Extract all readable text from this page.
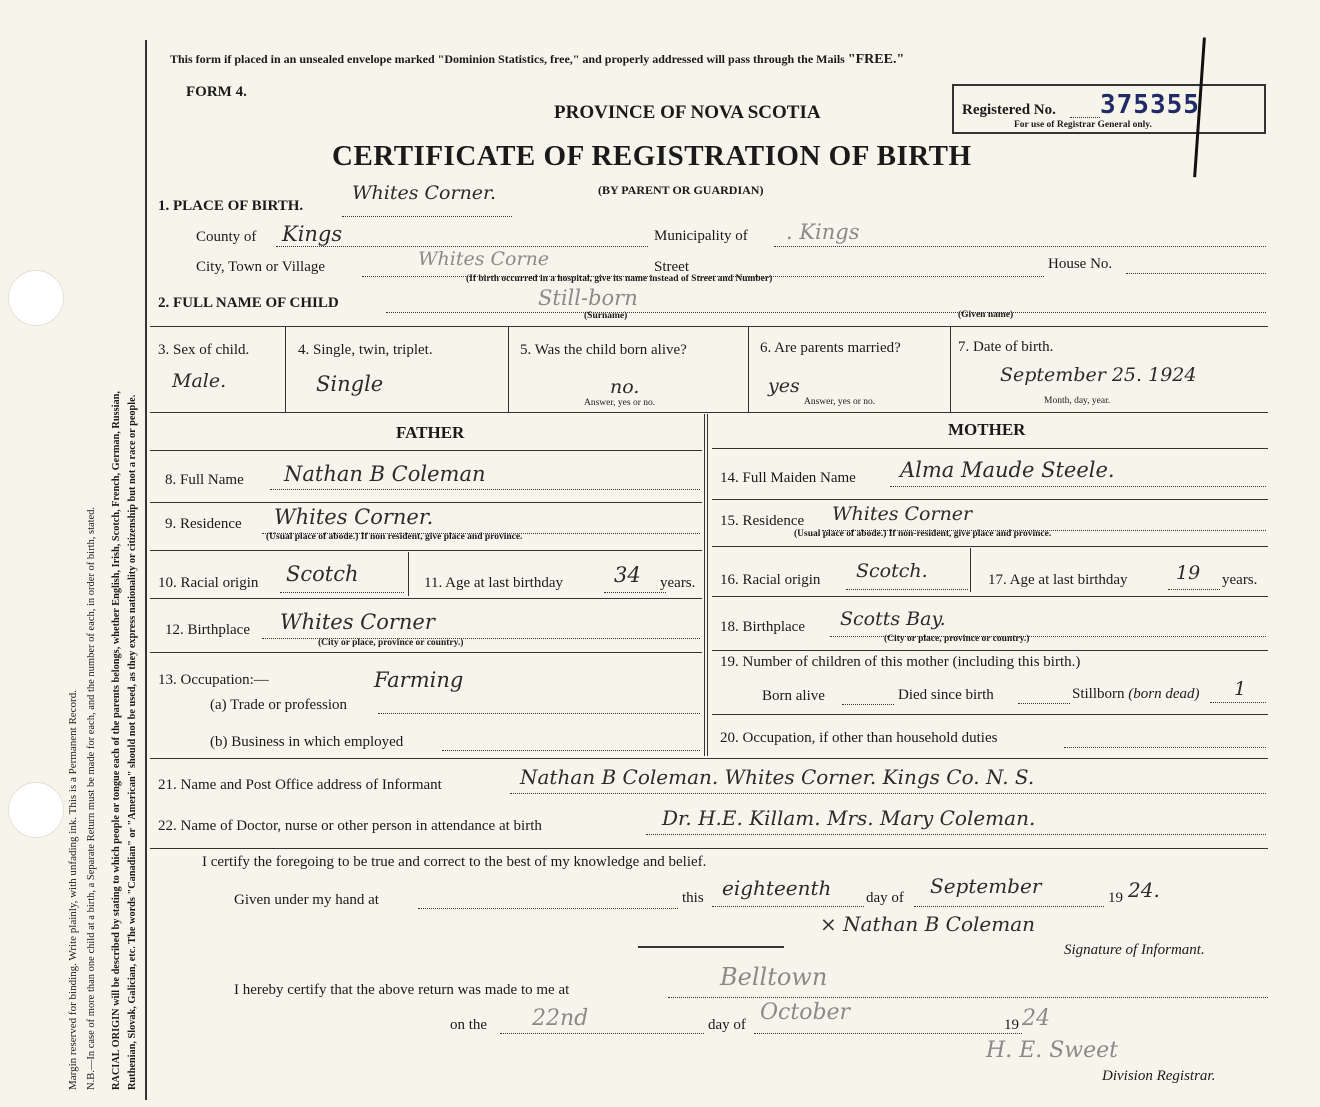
Margin reserved for binding. Write plainly, with unfading ink. This is a Permanent Record. N.B.—In case of more than one child at a birth, a Separate Return must be made for each, and the number of each, in order of birth, stated. RACIAL ORIGIN will be described by stating to which people or tongue each of the parents belongs, whether English, Irish, Scotch, French, German, Russian, Ruthenian, Slovak, Galician, etc. The words "Canadian" or "American" should not be used, as they express nationality or citizenship but not a race or people.
This form if placed in an unsealed envelope marked "Dominion Statistics, free," and properly addressed will pass through the Mails "FREE."
FORM 4.
PROVINCE OF NOVA SCOTIA
CERTIFICATE OF REGISTRATION OF BIRTH
(BY PARENT OR GUARDIAN)
Registered No. 375355
For use of Registrar General only.
1. PLACE OF BIRTH.
Whites Corner.
County of Kings	Municipality of . Kings
City, Town or Village	Whites Corne	Street	House No.
(If birth occurred in a hospital, give its name instead of Street and Number)
2. FULL NAME OF CHILD	Still-born
(Surname)	(Given name)
3. Sex of child.
Male.
4. Single, twin, triplet.
Single
5. Was the child born alive?
no.
Answer, yes or no.
6. Are parents married?
yes
Answer, yes or no.
7. Date of birth.
September 25. 1924
Month, day, year.
FATHER	MOTHER
8. Full Name Nathan B Coleman
9. Residence Whites Corner.
(Usual place of abode.) If non resident, give place and province.
10. Racial origin Scotch	11. Age at last birthday 34 years.
12. Birthplace Whites Corner
(City or place, province or country.)
13. Occupation:—	Farming
(a) Trade or profession
(b) Business in which employed
14. Full Maiden Name Alma Maude Steele.
15. Residence Whites Corner
(Usual place of abode.) If non-resident, give place and province.
16. Racial origin Scotch.	17. Age at last birthday	19 years.
18. Birthplace Scotts Bay.
(City or place, province or country.)
19. Number of children of this mother (including this birth.)
Born alive	Died since birth	Stillborn (born dead) 1
20. Occupation, if other than household duties
21. Name and Post Office address of Informant	Nathan B Coleman. Whites Corner. Kings Co. N. S.
22. Name of Doctor, nurse or other person in attendance at birth	Dr. H.E. Killam. Mrs. Mary Coleman.
I certify the foregoing to be true and correct to the best of my knowledge and belief.
Given under my hand at	this eighteenth day of September	19 24.
× Nathan B Coleman
Signature of Informant.
I hereby certify that the above return was made to me at	Belltown
on the 22nd	day of October	19 24
H. E. Sweet
Division Registrar.
